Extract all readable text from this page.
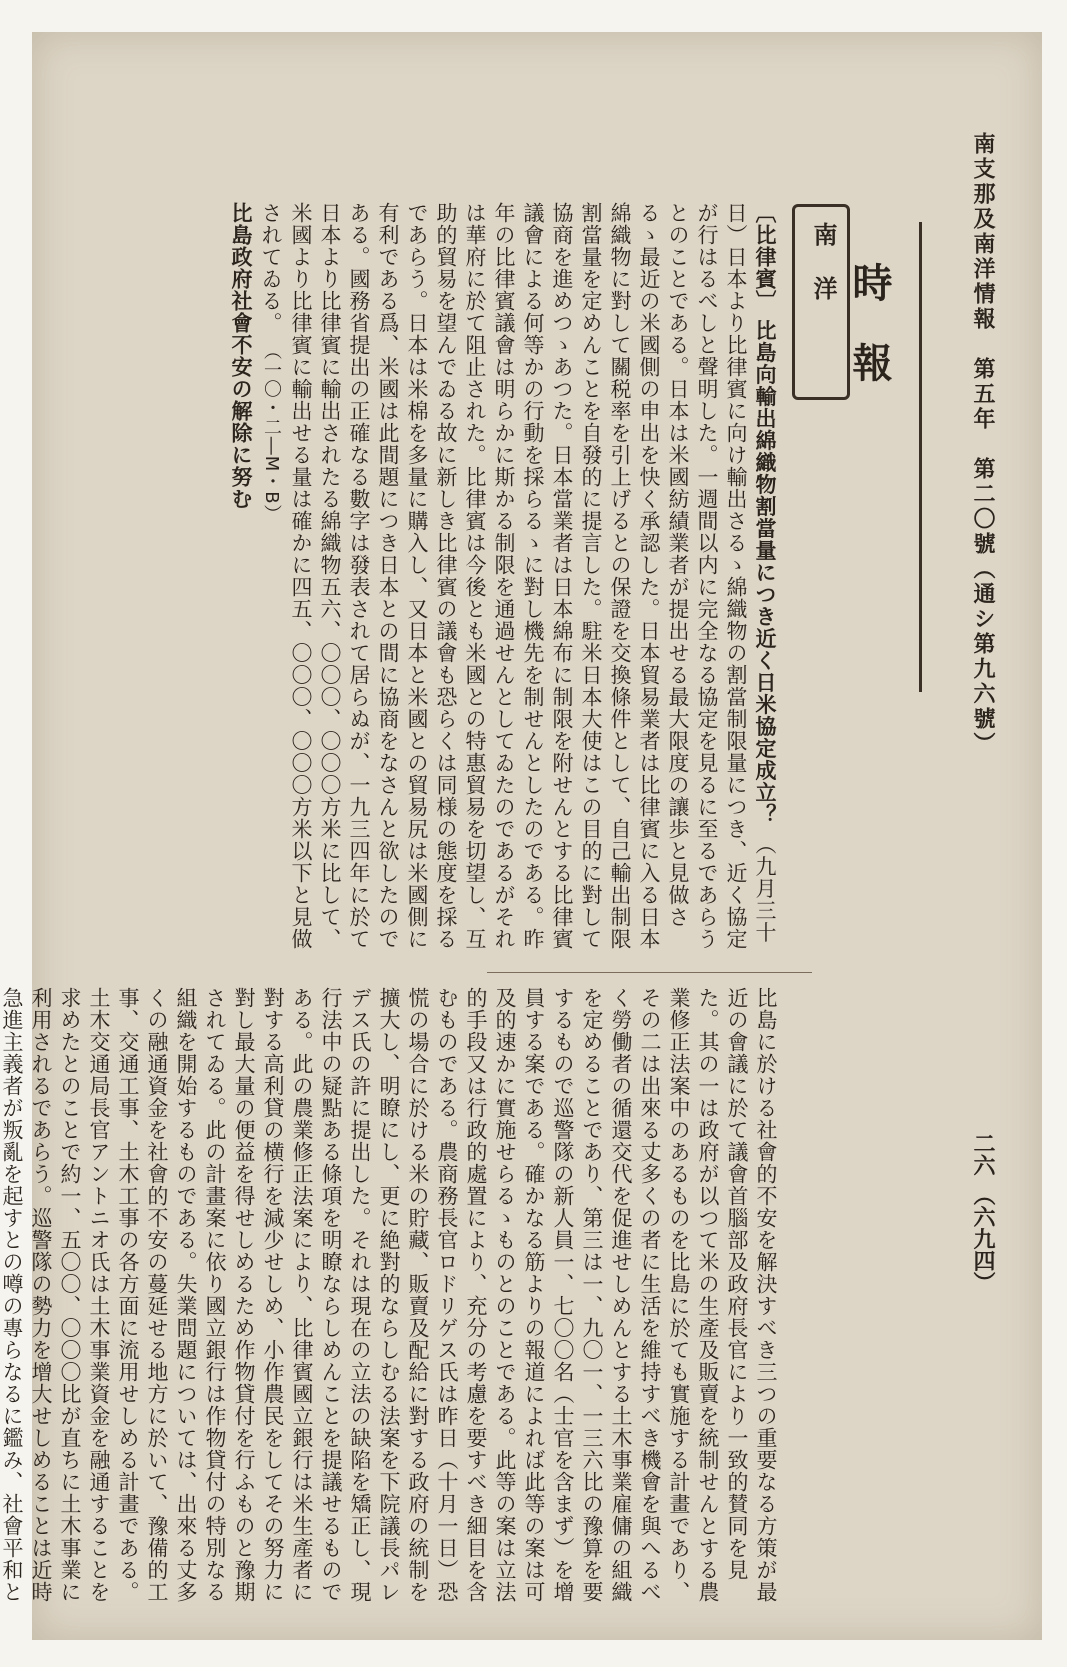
南支那及南洋情報　第五年　第二〇號（通シ第九六號）
二六 （六九四）
時報
南洋
〔比律賓〕 比島向輸出綿織物割當量につき近く日米協定成立？ （九月三十日）日本より比律賓に向け輸出さるゝ綿織物の割當制限量につき、近く協定が行はるべしと聲明した。一週間以内に完全なる協定を見るに至るであらうとのことである。日本は米國紡績業者が提出せる最大限度の讓歩と見做さるゝ最近の米國側の申出を快く承認した。日本貿易業者は比律賓に入る日本綿織物に對して關税率を引上げるとの保證を交換條件として、自己輸出制限割當量を定めんことを自發的に提言した。駐米日本大使はこの目的に對して協商を進めつゝあつた。日本當業者は日本綿布に制限を附せんとする比律賓議會による何等かの行動を採らるゝに對し機先を制せんとしたのである。昨年の比律賓議會は明らかに斯かる制限を通過せんとしてゐたのであるがそれは華府に於て阻止された。比律賓は今後とも米國との特惠貿易を切望し、互助的貿易を望んでゐる故に新しき比律賓の議會も恐らくは同様の態度を採るであらう。日本は米棉を多量に購入し、又日本と米國との貿易尻は米國側に有利である爲、米國は此間題につき日本との間に協商をなさんと欲したのである。國務省提出の正確なる數字は發表されて居らぬが、一九三四年に於て日本より比律賓に輸出されたる綿織物五六、〇〇〇、〇〇〇方米に比して、米國より比律賓に輸出せる量は確かに四五、〇〇〇、〇〇〇方米以下と見做されてゐる。 （一〇・二―M・B）
比島政府社會不安の解除に努む
比島に於ける社會的不安を解決すべき三つの重要なる方策が最近の會議に於て議會首腦部及政府長官により一致的賛同を見た。其の一は政府が以つて米の生產及販賣を統制せんとする農業修正法案中のあるものを比島に於ても實施する計畫であり、その二は出來る丈多くの者に生活を維持すべき機會を與へるべく勞働者の循還交代を促進せしめんとする土木事業雇傭の組織を定めることであり、第三は一、九〇一、一三六比の豫算を要するもので巡警隊の新人員一、七〇〇名（士官を含まず）を增員する案である。確かなる筋よりの報道によれば此等の案は可及的速かに實施せらるゝものとのことである。此等の案は立法的手段又は行政的處置により、充分の考慮を要すべき細目を含むものである。農商務長官ロドリゲス氏は昨日（十月一日）恐慌の場合に於ける米の貯藏、販賣及配給に對する政府の統制を擴大し、明瞭にし、更に絶對的ならしむる法案を下院議長パレデス氏の許に提出した。それは現在の立法の缺陷を矯正し、現行法中の疑點ある條項を明瞭ならしめんことを提議せるものである。此の農業修正法案により、比律賓國立銀行は米生產者に對する高利貸の横行を減少せしめ、小作農民をしてその努力に對し最大量の便益を得せしめるため作物貸付を行ふものと豫期されてゐる。此の計畫案に依り國立銀行は作物貸付の特別なる組織を開始するものである。失業問題については、出來る丈多くの融通資金を社會的不安の蔓延せる地方に於いて、豫備的工事、交通工事、土木工事の各方面に流用せしめる計畫である。土木交通局長官アントニオ氏は土木事業資金を融通することを求めたとのことで約一、五〇〇、〇〇〇比が直ちに土木事業に利用されるであらう。巡警隊の勢力を增大せしめることは近時急進主義者が叛亂を起すとの噂の專らなるに鑑み、社會平和と
